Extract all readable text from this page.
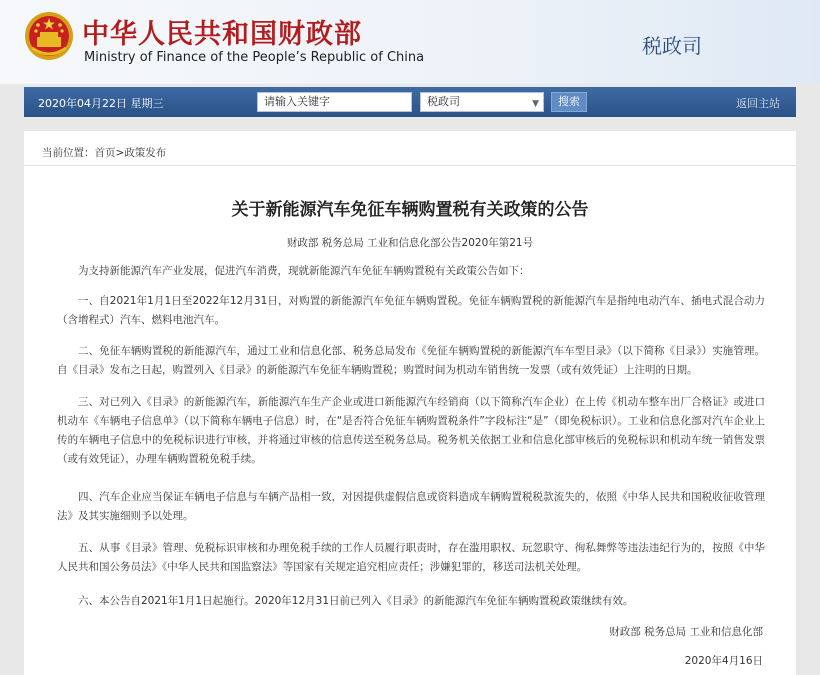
中华人民共和国财政部
Ministry of Finance of the People’s Republic of China	税政司
2020年04月22日 星期三	请输入关键字	税政司	▼	搜索	返回主站
当前位置：首页>政策发布
关于新能源汽车免征车辆购置税有关政策的公告
财政部 税务总局 工业和信息化部公告2020年第21号

为支持新能源汽车产业发展，促进汽车消费，现就新能源汽车免征车辆购置税有关政策公告如下：

一、自2021年1月1日至2022年12月31日，对购置的新能源汽车免征车辆购置税。免征车辆购置税的新能源汽车是指纯电动汽车、插电式混合动力（含增程式）汽车、燃料电池汽车。

二、免征车辆购置税的新能源汽车，通过工业和信息化部、税务总局发布《免征车辆购置税的新能源汽车车型目录》（以下简称《目录》）实施管理。自《目录》发布之日起，购置列入《目录》的新能源汽车免征车辆购置税；购置时间为机动车销售统一发票（或有效凭证）上注明的日期。

三、对已列入《目录》的新能源汽车，新能源汽车生产企业或进口新能源汽车经销商（以下简称汽车企业）在上传《机动车整车出厂合格证》或进口机动车《车辆电子信息单》（以下简称车辆电子信息）时，在“是否符合免征车辆购置税条件”字段标注“是”（即免税标识）。工业和信息化部对汽车企业上传的车辆电子信息中的免税标识进行审核，并将通过审核的信息传送至税务总局。税务机关依据工业和信息化部审核后的免税标识和机动车统一销售发票（或有效凭证），办理车辆购置税免税手续。

四、汽车企业应当保证车辆电子信息与车辆产品相一致，对因提供虚假信息或资料造成车辆购置税税款流失的，依照《中华人民共和国税收征收管理法》及其实施细则予以处理。

五、从事《目录》管理、免税标识审核和办理免税手续的工作人员履行职责时，存在滥用职权、玩忽职守、徇私舞弊等违法违纪行为的，按照《中华人民共和国公务员法》《中华人民共和国监察法》等国家有关规定追究相应责任；涉嫌犯罪的，移送司法机关处理。

六、本公告自2021年1月1日起施行。2020年12月31日前已列入《目录》的新能源汽车免征车辆购置税政策继续有效。

财政部 税务总局 工业和信息化部
2020年4月16日
